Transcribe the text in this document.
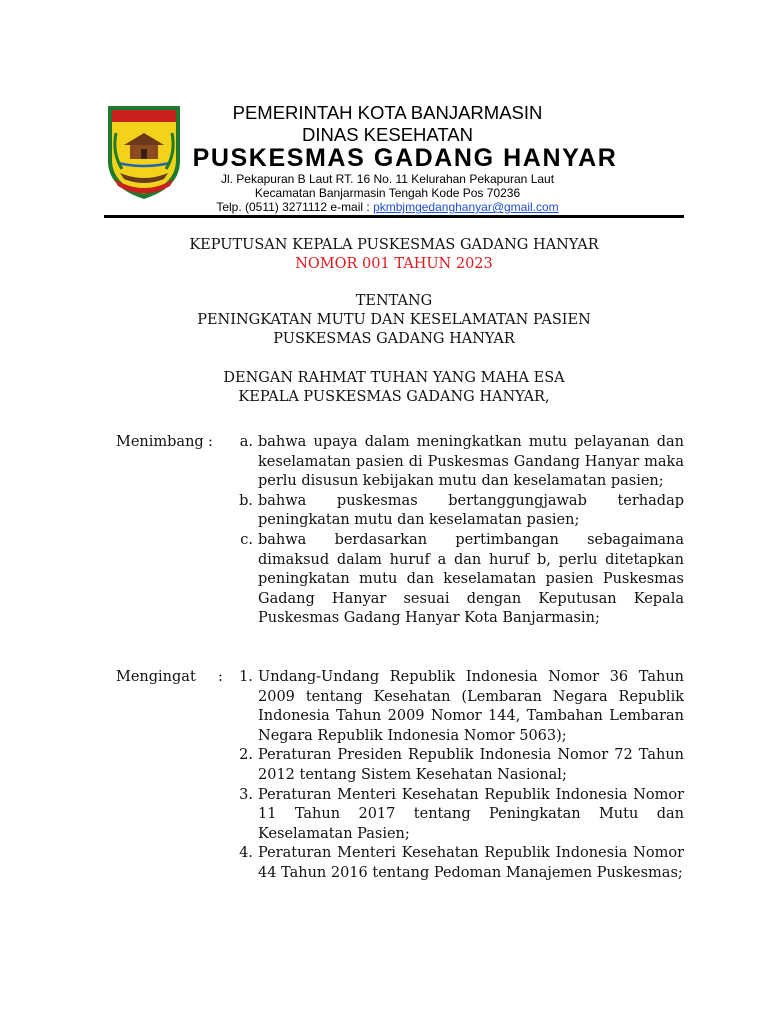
PEMERINTAH KOTA BANJARMASIN
DINAS KESEHATAN
PUSKESMAS GADANG HANYAR
Jl. Pekapuran B Laut RT. 16 No. 11 Kelurahan Pekapuran Laut
Kecamatan Banjarmasin Tengah Kode Pos 70236
Telp. (0511) 3271112 e-mail : pkmbjmgedanghanyar@gmail.com
KEPUTUSAN KEPALA PUSKESMAS GADANG HANYAR
NOMOR 001 TAHUN 2023
TENTANG
PENINGKATAN MUTU DAN KESELAMATAN PASIEN
PUSKESMAS GADANG HANYAR
DENGAN RAHMAT TUHAN YANG MAHA ESA
KEPALA PUSKESMAS GADANG HANYAR,
Menimbang :	a. bahwa upaya dalam meningkatkan mutu pelayanan dan keselamatan pasien di Puskesmas Gandang Hanyar maka perlu disusun kebijakan mutu dan keselamatan pasien;
b. bahwa puskesmas bertanggungjawab terhadap peningkatan mutu dan keselamatan pasien;
c. bahwa berdasarkan pertimbangan sebagaimana dimaksud dalam huruf a dan huruf b, perlu ditetapkan peningkatan mutu dan keselamatan pasien Puskesmas Gadang Hanyar sesuai dengan Keputusan Kepala Puskesmas Gadang Hanyar Kota Banjarmasin;
Mengingat :	1. Undang-Undang Republik Indonesia Nomor 36 Tahun 2009 tentang Kesehatan (Lembaran Negara Republik Indonesia Tahun 2009 Nomor 144, Tambahan Lembaran Negara Republik Indonesia Nomor 5063);
2. Peraturan Presiden Republik Indonesia Nomor 72 Tahun 2012 tentang Sistem Kesehatan Nasional;
3. Peraturan Menteri Kesehatan Republik Indonesia Nomor 11 Tahun 2017 tentang Peningkatan Mutu dan Keselamatan Pasien;
4. Peraturan Menteri Kesehatan Republik Indonesia Nomor 44 Tahun 2016 tentang Pedoman Manajemen Puskesmas;
